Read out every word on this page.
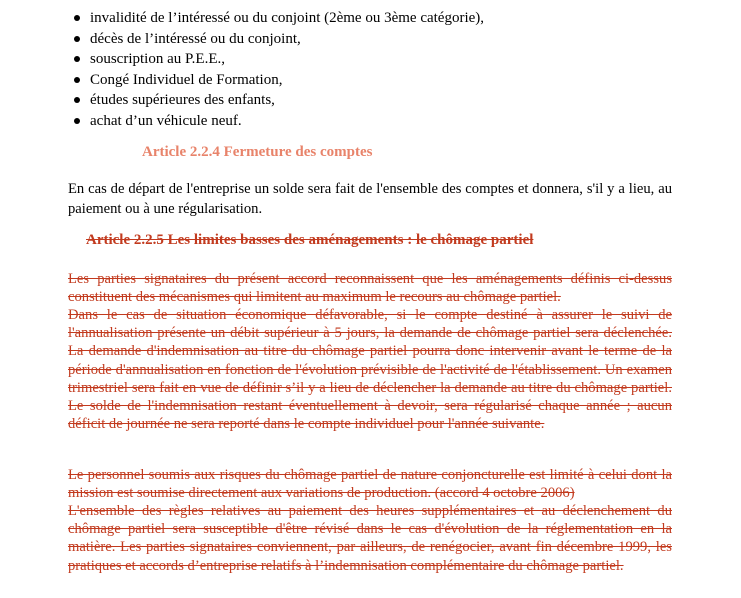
invalidité de l’intéressé ou du conjoint (2ème ou 3ème catégorie),
décès de l’intéressé ou du conjoint,
souscription au P.E.E.,
Congé Individuel de Formation,
études supérieures des enfants,
achat d’un véhicule neuf.
Article 2.2.4 Fermeture des comptes

En cas de départ de l'entreprise un solde sera fait de l'ensemble des comptes et donnera, s'il y a lieu, au paiement ou à une régularisation.

Article 2.2.5 Les limites basses des aménagements : le chômage partiel

Les parties signataires du présent accord reconnaissent que les aménagements définis ci-dessus constituent des mécanismes qui limitent au maximum le recours au chômage partiel.

Dans le cas de situation économique défavorable, si le compte destiné à assurer le suivi de l'annualisation présente un débit supérieur à 5 jours, la demande de chômage partiel sera déclenchée. La demande d'indemnisation au titre du chômage partiel pourra donc intervenir avant le terme de la période d'annualisation en fonction de l'évolution prévisible de l'activité de l'établissement. Un examen trimestriel sera fait en vue de définir s’il y a lieu de déclencher la demande au titre du chômage partiel. Le solde de l'indemnisation restant éventuellement à devoir, sera régularisé chaque année ; aucun déficit de journée ne sera reporté dans le compte individuel pour l'année suivante.

Le personnel soumis aux risques du chômage partiel de nature conjoncturelle est limité à celui dont la mission est soumise directement aux variations de production. (accord 4 octobre 2006)

L'ensemble des règles relatives au paiement des heures supplémentaires et au déclenchement du chômage partiel sera susceptible d'être révisé dans le cas d'évolution de la réglementation en la matière. Les parties signataires conviennent, par ailleurs, de renégocier, avant fin décembre 1999, les pratiques et accords d’entreprise relatifs à l’indemnisation complémentaire du chômage partiel.
